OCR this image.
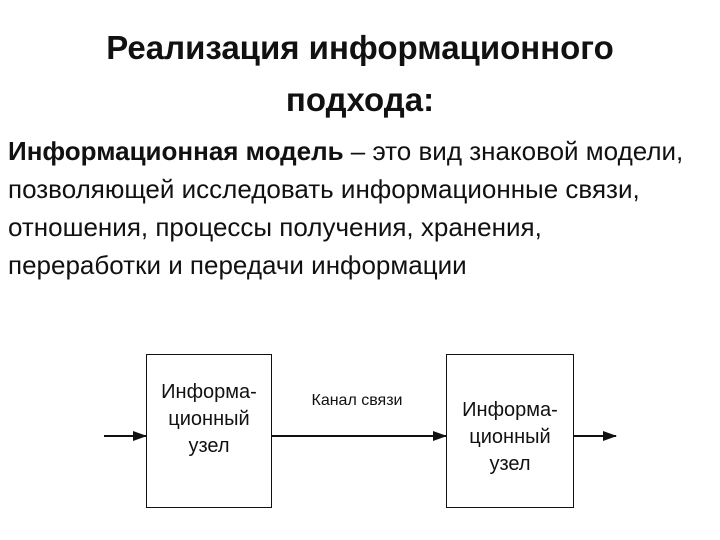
Реализация информационного
подхода:
Информационная модель – это вид знаковой модели, позволяющей исследовать информационные связи, отношения, процессы получения, хранения, переработки и передачи информации
Информа-
ционный
узел
Канал связи	Информа-
ционный
узел
